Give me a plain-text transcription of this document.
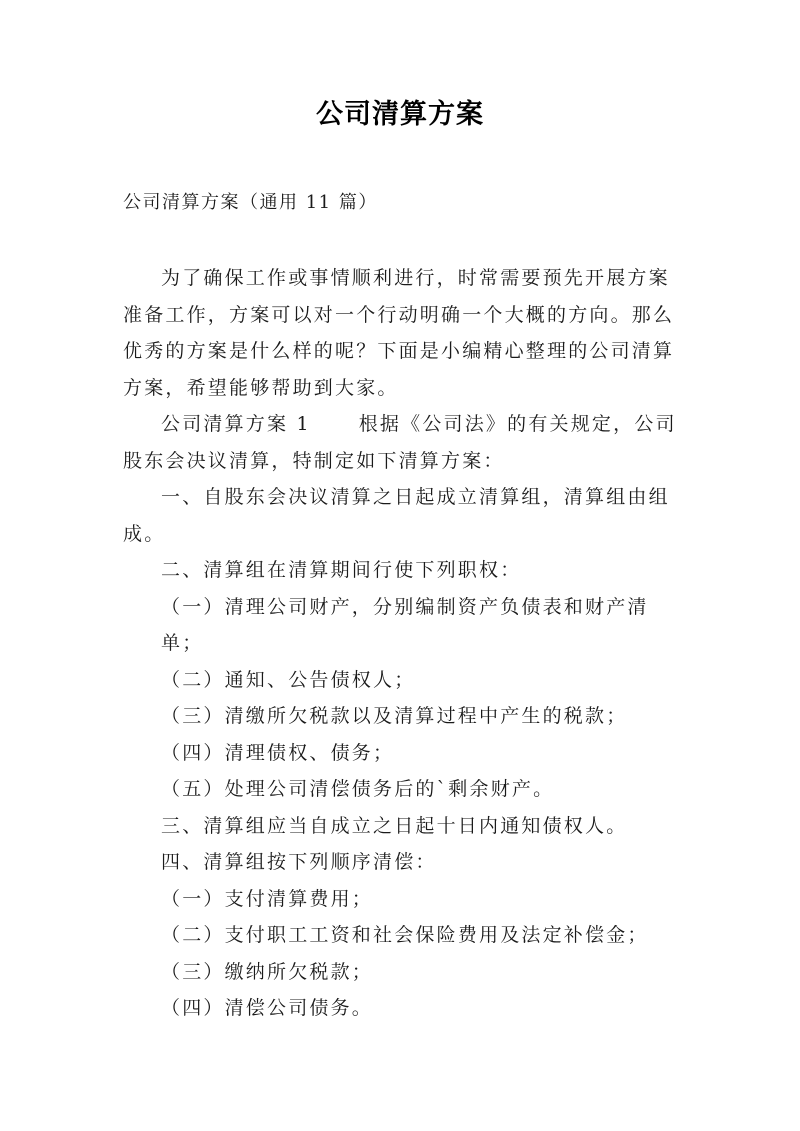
公司清算方案

公司清算方案（通用 11 篇）

为了确保工作或事情顺利进行，时常需要预先开展方案准备工作，方案可以对一个行动明确一个大概的方向。那么优秀的方案是什么样的呢？下面是小编精心整理的公司清算方案，希望能够帮助到大家。

公司清算方案 1	根据《公司法》的有关规定，公司股东会决议清算，特制定如下清算方案：

一、自股东会决议清算之日起成立清算组，清算组由组成。

二、清算组在清算期间行使下列职权：

（一）清理公司财产，分别编制资产负债表和财产清单；

（二）通知、公告债权人；

（三）清缴所欠税款以及清算过程中产生的税款；

（四）清理债权、债务；

（五）处理公司清偿债务后的`剩余财产。

三、清算组应当自成立之日起十日内通知债权人。

四、清算组按下列顺序清偿：

（一）支付清算费用；

（二）支付职工工资和社会保险费用及法定补偿金；

（三）缴纳所欠税款；

（四）清偿公司债务。
